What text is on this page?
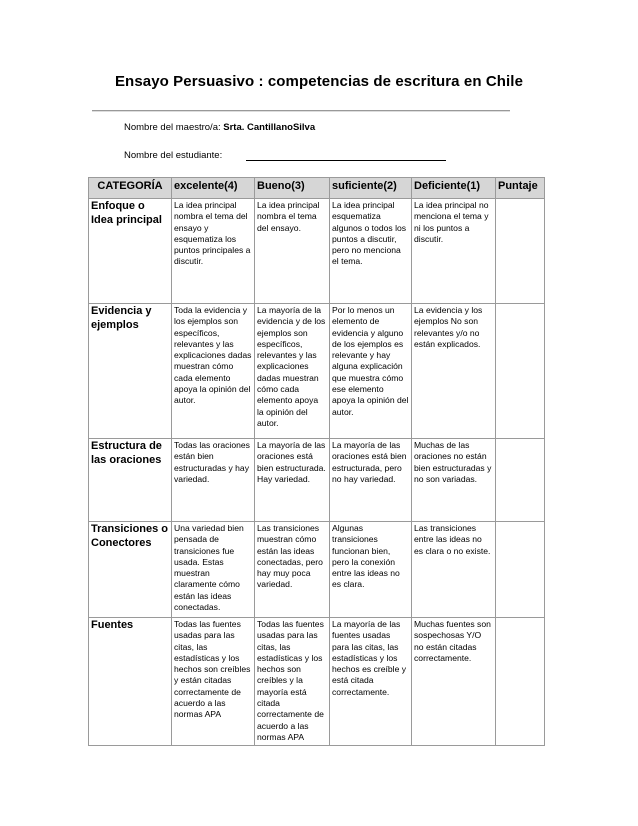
Ensayo Persuasivo : competencias de escritura en Chile
Nombre del maestro/a: Srta. CantillanoSilva
Nombre del estudiante:
CATEGORÍA	excelente(4)	Bueno(3)	suficiente(2)	Deficiente(1)	Puntaje
Enfoque o Idea principal	La idea principal nombra el tema del ensayo y esquematiza los puntos principales a discutir.	La idea principal nombra el tema del ensayo.	La idea principal esquematiza algunos o todos los puntos a discutir, pero no menciona el tema.	La idea principal no menciona el tema y ni los puntos a discutir.	
Evidencia y ejemplos	Toda la evidencia y los ejemplos son específicos, relevantes y las explicaciones dadas muestran cómo cada elemento apoya la opinión del autor.	La mayoría de la evidencia y de los ejemplos son específicos, relevantes y las explicaciones dadas muestran cómo cada elemento apoya la opinión del autor.	Por lo menos un elemento de evidencia y alguno de los ejemplos es relevante y hay alguna explicación que muestra cómo ese elemento apoya la opinión del autor.	La evidencia y los ejemplos No son relevantes y/o no están explicados.	
Estructura de las oraciones	Todas las oraciones están bien estructuradas y hay variedad.	La mayoría de las oraciones está bien estructurada. Hay variedad.	La mayoría de las oraciones está bien estructurada, pero no hay variedad.	Muchas de las oraciones no están bien estructuradas y no son variadas.	
Transiciones o Conectores	Una variedad bien pensada de transiciones fue usada. Estas muestran claramente cómo están las ideas conectadas.	Las transiciones muestran cómo están las ideas conectadas, pero hay muy poca variedad.	Algunas transiciones funcionan bien, pero la conexión entre las ideas no es clara.	Las transiciones entre las ideas no es clara o no existe.	
Fuentes	Todas las fuentes usadas para las citas, las estadísticas y los hechos son creíbles y están citadas correctamente de acuerdo a las normas APA	Todas las fuentes usadas para las citas, las estadísticas y los hechos son creíbles y la mayoría está citada correctamente de acuerdo a las normas APA	La mayoría de las fuentes usadas para las citas, las estadísticas y los hechos es creíble y está citada correctamente.	Muchas fuentes son sospechosas Y/O no están citadas correctamente.	
